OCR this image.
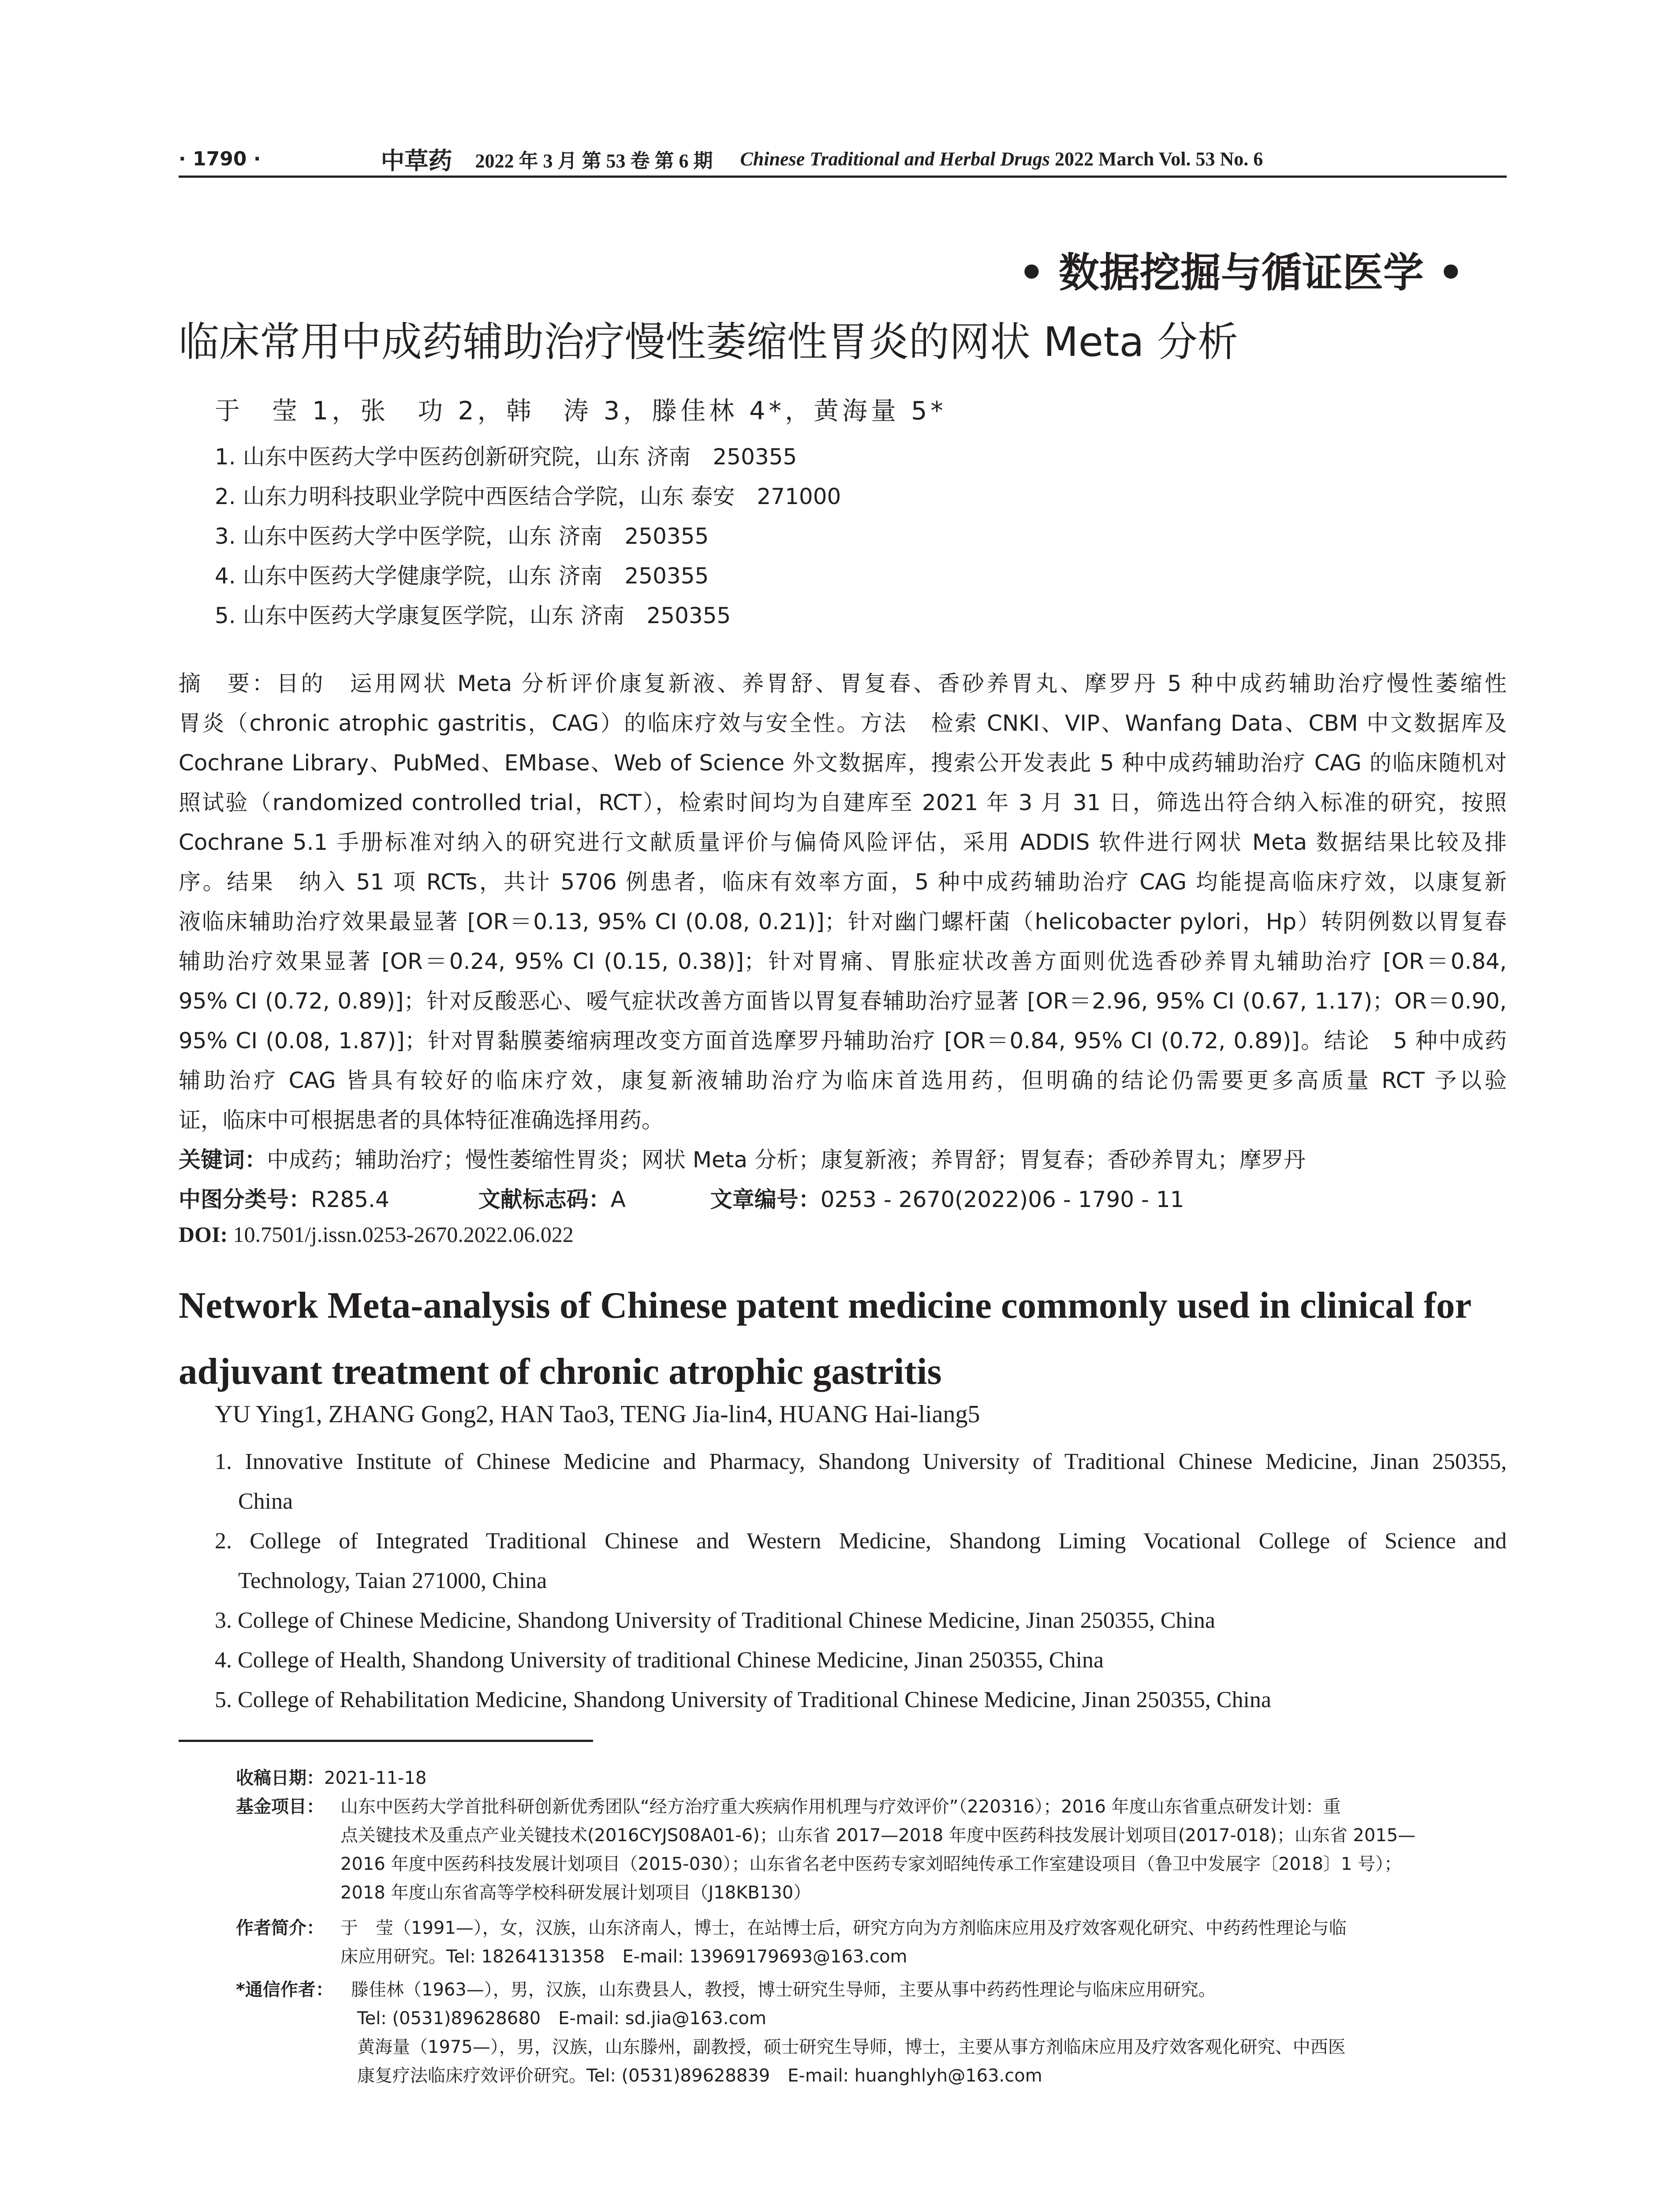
· 1790 ·	中草药 2022 年 3 月 第 53 卷 第 6 期 Chinese Traditional and Herbal Drugs 2022 March Vol. 53 No. 6
• 数据挖掘与循证医学 •
临床常用中成药辅助治疗慢性萎缩性胃炎的网状 Meta 分析
于　莹 1，张　功 2，韩　涛 3，滕佳林 4*，黄海量 5*
1. 山东中医药大学中医药创新研究院，山东 济南　250355
2. 山东力明科技职业学院中西医结合学院，山东 泰安　271000
3. 山东中医药大学中医学院，山东 济南　250355
4. 山东中医药大学健康学院，山东 济南　250355
5. 山东中医药大学康复医学院，山东 济南　250355
摘　要：目的　运用网状 Meta 分析评价康复新液、养胃舒、胃复春、香砂养胃丸、摩罗丹 5 种中成药辅助治疗慢性萎缩性
胃炎（chronic atrophic gastritis，CAG）的临床疗效与安全性。方法　检索 CNKI、VIP、Wanfang Data、CBM 中文数据库及
Cochrane Library、PubMed、EMbase、Web of Science 外文数据库，搜索公开发表此 5 种中成药辅助治疗 CAG 的临床随机对
照试验（randomized controlled trial，RCT），检索时间均为自建库至 2021 年 3 月 31 日，筛选出符合纳入标准的研究，按照
Cochrane 5.1 手册标准对纳入的研究进行文献质量评价与偏倚风险评估，采用 ADDIS 软件进行网状 Meta 数据结果比较及排
序。结果　纳入 51 项 RCTs，共计 5706 例患者，临床有效率方面，5 种中成药辅助治疗 CAG 均能提高临床疗效，以康复新
液临床辅助治疗效果最显著 [OR＝0.13, 95% CI (0.08, 0.21)]；针对幽门螺杆菌（helicobacter pylori，Hp）转阴例数以胃复春
辅助治疗效果显著 [OR＝0.24, 95% CI (0.15, 0.38)]；针对胃痛、胃胀症状改善方面则优选香砂养胃丸辅助治疗 [OR＝0.84,
95% CI (0.72, 0.89)]；针对反酸恶心、嗳气症状改善方面皆以胃复春辅助治疗显著 [OR＝2.96, 95% CI (0.67, 1.17)；OR＝0.90,
95% CI (0.08, 1.87)]；针对胃黏膜萎缩病理改变方面首选摩罗丹辅助治疗 [OR＝0.84, 95% CI (0.72, 0.89)]。结论　5 种中成药
辅助治疗 CAG 皆具有较好的临床疗效，康复新液辅助治疗为临床首选用药，但明确的结论仍需要更多高质量 RCT 予以验
证，临床中可根据患者的具体特征准确选择用药。
关键词：中成药；辅助治疗；慢性萎缩性胃炎；网状 Meta 分析；康复新液；养胃舒；胃复春；香砂养胃丸；摩罗丹
中图分类号：R285.4	文献标志码：A	文章编号：0253 - 2670(2022)06 - 1790 - 11
DOI: 10.7501/j.issn.0253-2670.2022.06.022
Network Meta-analysis of Chinese patent medicine commonly used in clinical for adjuvant treatment of chronic atrophic gastritis
YU Ying1, ZHANG Gong2, HAN Tao3, TENG Jia-lin4, HUANG Hai-liang5
1. Innovative Institute of Chinese Medicine and Pharmacy, Shandong University of Traditional Chinese Medicine, Jinan 250355,
China
2. College of Integrated Traditional Chinese and Western Medicine, Shandong Liming Vocational College of Science and
Technology, Taian 271000, China
3. College of Chinese Medicine, Shandong University of Traditional Chinese Medicine, Jinan 250355, China
4. College of Health, Shandong University of traditional Chinese Medicine, Jinan 250355, China
5. College of Rehabilitation Medicine, Shandong University of Traditional Chinese Medicine, Jinan 250355, China
收稿日期：2021-11-18
基金项目： 山东中医药大学首批科研创新优秀团队“经方治疗重大疾病作用机理与疗效评价”（220316）；2016 年度山东省重点研发计划：重
点关键技术及重点产业关键技术(2016CYJS08A01-6)；山东省 2017—2018 年度中医药科技发展计划项目(2017-018)；山东省 2015—
2016 年度中医药科技发展计划项目（2015-030）；山东省名老中医药专家刘昭纯传承工作室建设项目（鲁卫中发展字〔2018〕1 号）；
2018 年度山东省高等学校科研发展计划项目（J18KB130）
作者简介： 于　莹（1991—），女，汉族，山东济南人，博士，在站博士后，研究方向为方剂临床应用及疗效客观化研究、中药药性理论与临
床应用研究。Tel: 18264131358　E-mail: 13969179693@163.com
*通信作者： 滕佳林（1963—），男，汉族，山东费县人，教授，博士研究生导师，主要从事中药药性理论与临床应用研究。
Tel: (0531)89628680　E-mail: sd.jia@163.com
黄海量（1975—），男，汉族，山东滕州，副教授，硕士研究生导师，博士，主要从事方剂临床应用及疗效客观化研究、中西医
康复疗法临床疗效评价研究。Tel: (0531)89628839　E-mail: huanghlyh@163.com
